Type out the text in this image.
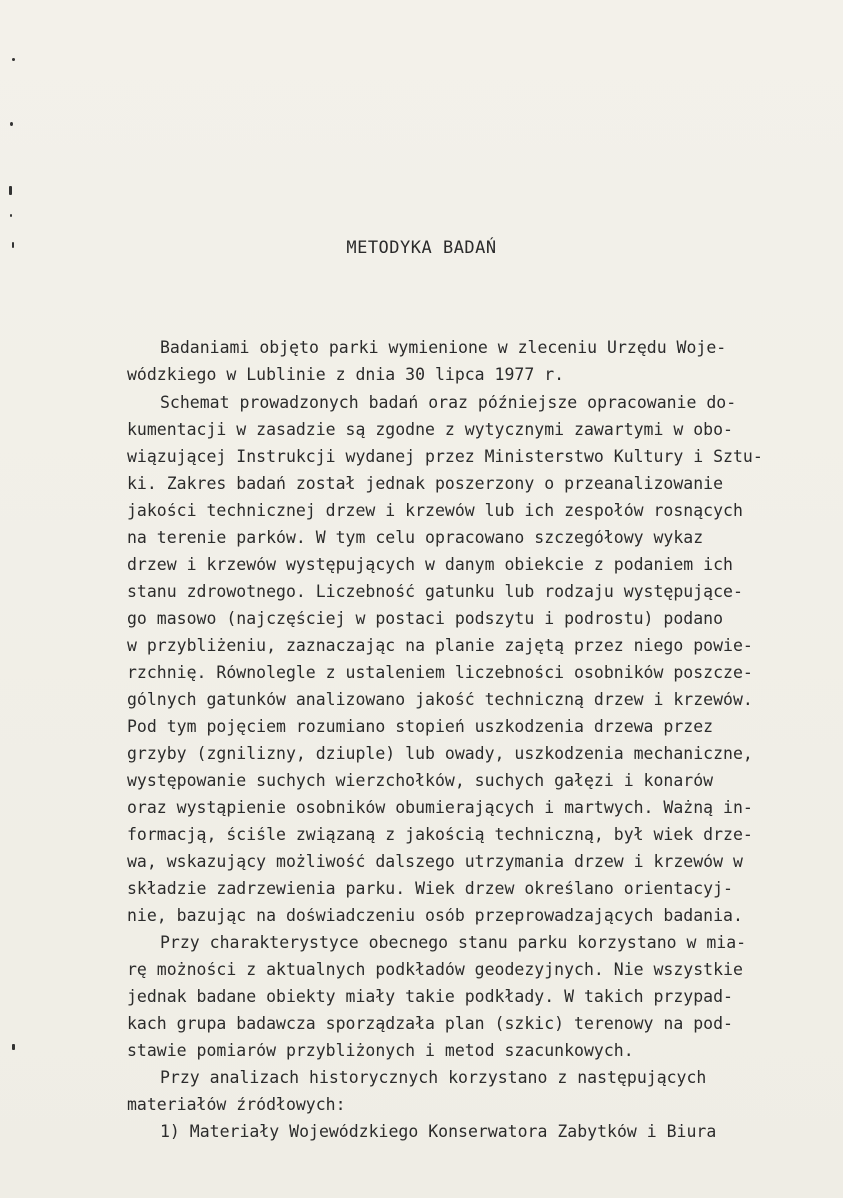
METODYKA BADAŃ
Badaniami objęto parki wymienione w zleceniu Urzędu Woje-
wódzkiego w Lublinie z dnia 30 lipca 1977 r.
Schemat prowadzonych badań oraz późniejsze opracowanie do-
kumentacji w zasadzie są zgodne z wytycznymi zawartymi w obo-
wiązującej Instrukcji wydanej przez Ministerstwo Kultury i Sztu-
ki. Zakres badań został jednak poszerzony o przeanalizowanie
jakości technicznej drzew i krzewów lub ich zespołów rosnących
na terenie parków. W tym celu opracowano szczegółowy wykaz
drzew i krzewów występujących w danym obiekcie z podaniem ich
stanu zdrowotnego. Liczebność gatunku lub rodzaju występujące-
go masowo (najczęściej w postaci podszytu i podrostu) podano
w przybliżeniu, zaznaczając na planie zajętą przez niego powie-
rzchnię. Równolegle z ustaleniem liczebności osobników poszcze-
gólnych gatunków analizowano jakość techniczną drzew i krzewów.
Pod tym pojęciem rozumiano stopień uszkodzenia drzewa przez
grzyby (zgnilizny, dziuple) lub owady, uszkodzenia mechaniczne,
występowanie suchych wierzchołków, suchych gałęzi i konarów
oraz wystąpienie osobników obumierających i martwych. Ważną in-
formacją, ściśle związaną z jakością techniczną, był wiek drze-
wa, wskazujący możliwość dalszego utrzymania drzew i krzewów w
składzie zadrzewienia parku. Wiek drzew określano orientacyj-
nie, bazując na doświadczeniu osób przeprowadzających badania.
Przy charakterystyce obecnego stanu parku korzystano w mia-
rę możności z aktualnych podkładów geodezyjnych. Nie wszystkie
jednak badane obiekty miały takie podkłady. W takich przypad-
kach grupa badawcza sporządzała plan (szkic) terenowy na pod-
stawie pomiarów przybliżonych i metod szacunkowych.
Przy analizach historycznych korzystano z następujących
materiałów źródłowych:
1) Materiały Wojewódzkiego Konserwatora Zabytków i Biura
